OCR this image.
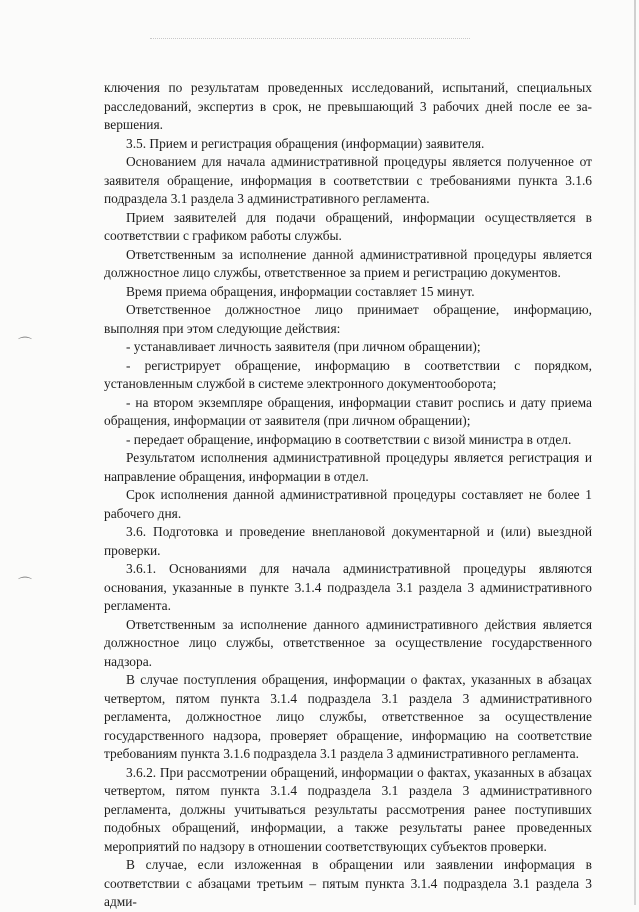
⌒
⌒
ключения по результатам проведенных исследований, испытаний, специальных
расследований, экспертиз в срок, не превышающий 3 рабочих дней после ее за-
вершения.

3.5. Прием и регистрация обращения (информации) заявителя.

Основанием для начала административной процедуры является полученное от заявителя обращение, информация в соответствии с требованиями пункта 3.1.6 подраздела 3.1 раздела 3 административного регламента.

Прием заявителей для подачи обращений, информации осуществляется в соответствии с графиком работы службы.

Ответственным за исполнение данной административной процедуры является должностное лицо службы, ответственное за прием и регистрацию документов.

Время приема обращения, информации составляет 15 минут.

Ответственное должностное лицо принимает обращение, информацию, выполняя при этом следующие действия:

- устанавливает личность заявителя (при личном обращении);

- регистрирует обращение, информацию в соответствии с порядком, установленным службой в системе электронного документооборота;

- на втором экземпляре обращения, информации ставит роспись и дату приема обращения, информации от заявителя (при личном обращении);

- передает обращение, информацию в соответствии с визой министра в отдел.

Результатом исполнения административной процедуры является регистрация и направление обращения, информации в отдел.

Срок исполнения данной административной процедуры составляет не более 1 рабочего дня.

3.6. Подготовка и проведение внеплановой документарной и (или) выездной проверки.

3.6.1. Основаниями для начала административной процедуры являются основания, указанные в пункте 3.1.4 подраздела 3.1 раздела 3 административного регламента.

Ответственным за исполнение данного административного действия является должностное лицо службы, ответственное за осуществление государственного надзора.

В случае поступления обращения, информации о фактах, указанных в абзацах четвертом, пятом пункта 3.1.4 подраздела 3.1 раздела 3 административного регламента, должностное лицо службы, ответственное за осуществление государственного надзора, проверяет обращение, информацию на соответствие требованиям пункта 3.1.6 подраздела 3.1 раздела 3 административного регламента.

3.6.2. При рассмотрении обращений, информации о фактах, указанных в абзацах четвертом, пятом пункта 3.1.4 подраздела 3.1 раздела 3 административного регламента, должны учитываться результаты рассмотрения ранее поступивших подобных обращений, информации, а также результаты ранее проведенных мероприятий по надзору в отношении соответствующих субъектов проверки.

В случае, если изложенная в обращении или заявлении информация в соответствии с абзацами третьим – пятым пункта 3.1.4 подраздела 3.1 раздела 3 адми-
